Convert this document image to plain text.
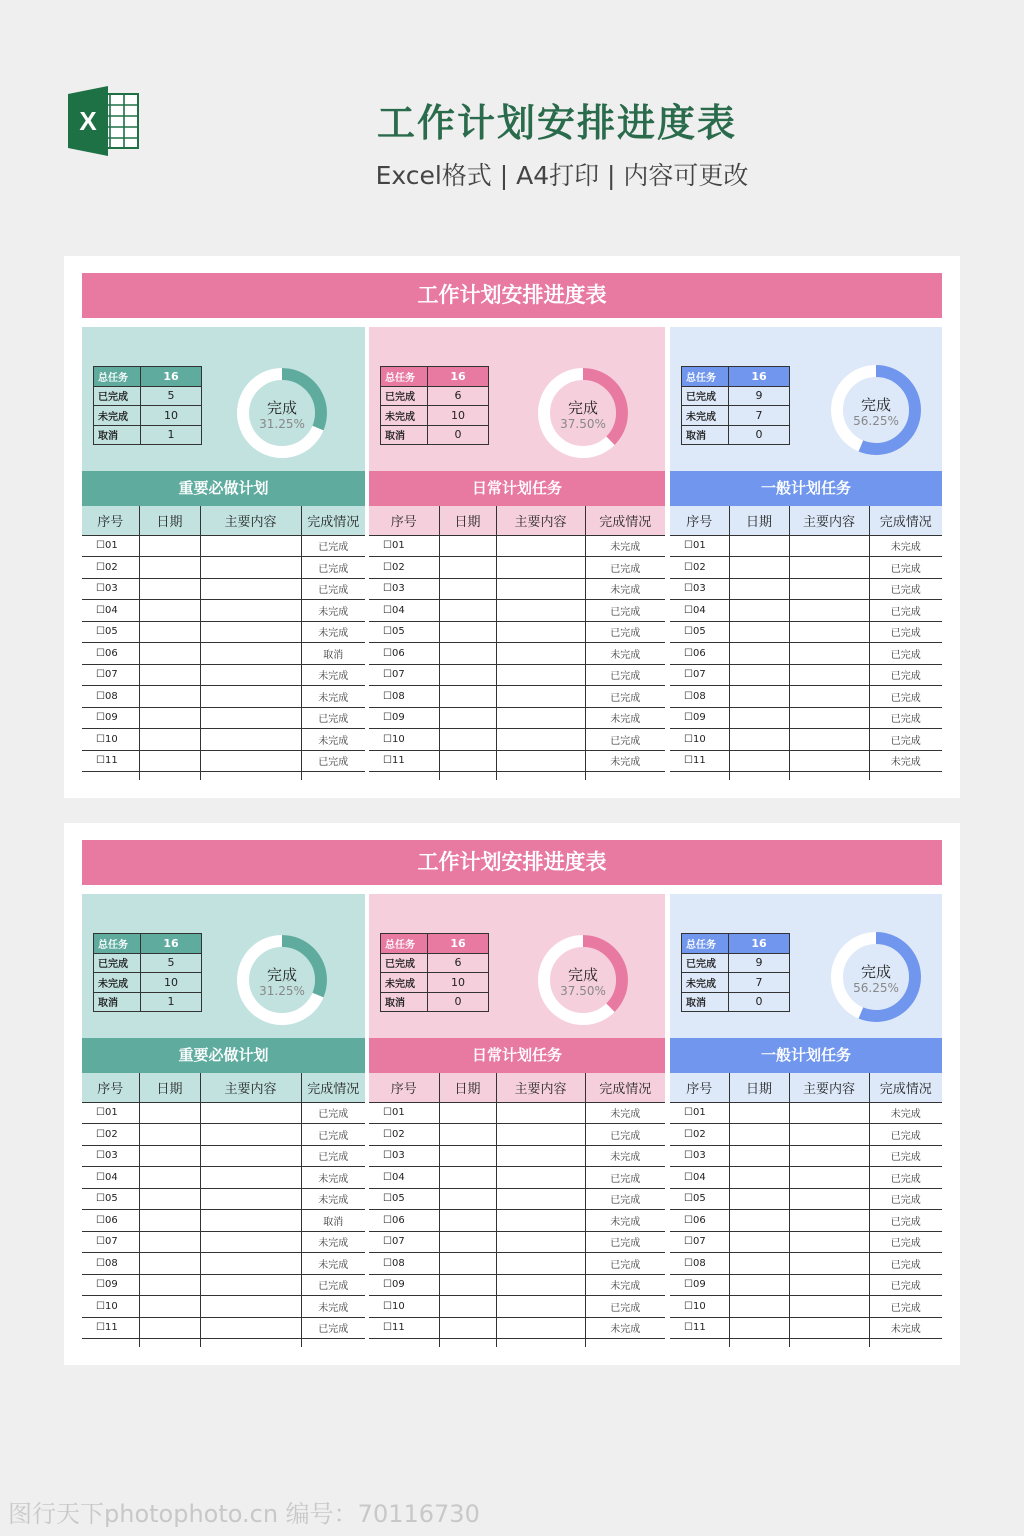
X	工作计划安排进度表
Excel格式 | A4打印 | 内容可更改
工作计划安排进度表
总任务	16
已完成	5
未完成	10
取消	1
完成
31.25%
重要必做计划
序号	日期	主要内容	完成情况
☐01			已完成
☐02			已完成
☐03			已完成
☐04			未完成
☐05			未完成
☐06			取消
☐07			未完成
☐08			未完成
☐09			已完成
☐10			未完成
☐11			已完成

总任务	16
已完成	6
未完成	10
取消	0
完成
37.50%
日常计划任务
序号	日期	主要内容	完成情况
☐01			未完成
☐02			已完成
☐03			未完成
☐04			已完成
☐05			已完成
☐06			未完成
☐07			已完成
☐08			已完成
☐09			未完成
☐10			已完成
☐11			未完成

总任务	16
已完成	9
未完成	7
取消	0
完成
56.25%
一般计划任务
序号	日期	主要内容	完成情况
☐01			未完成
☐02			已完成
☐03			已完成
☐04			已完成
☐05			已完成
☐06			已完成
☐07			已完成
☐08			已完成
☐09			已完成
☐10			已完成
☐11			未完成

工作计划安排进度表
总任务	16
已完成	5
未完成	10
取消	1
完成
31.25%
重要必做计划
序号	日期	主要内容	完成情况
☐01			已完成
☐02			已完成
☐03			已完成
☐04			未完成
☐05			未完成
☐06			取消
☐07			未完成
☐08			未完成
☐09			已完成
☐10			未完成
☐11			已完成

总任务	16
已完成	6
未完成	10
取消	0
完成
37.50%
日常计划任务
序号	日期	主要内容	完成情况
☐01			未完成
☐02			已完成
☐03			未完成
☐04			已完成
☐05			已完成
☐06			未完成
☐07			已完成
☐08			已完成
☐09			未完成
☐10			已完成
☐11			未完成

总任务	16
已完成	9
未完成	7
取消	0
完成
56.25%
一般计划任务
序号	日期	主要内容	完成情况
☐01			未完成
☐02			已完成
☐03			已完成
☐04			已完成
☐05			已完成
☐06			已完成
☐07			已完成
☐08			已完成
☐09			已完成
☐10			已完成
☐11			未完成

图行天下photophoto.cn 编号：70116730
